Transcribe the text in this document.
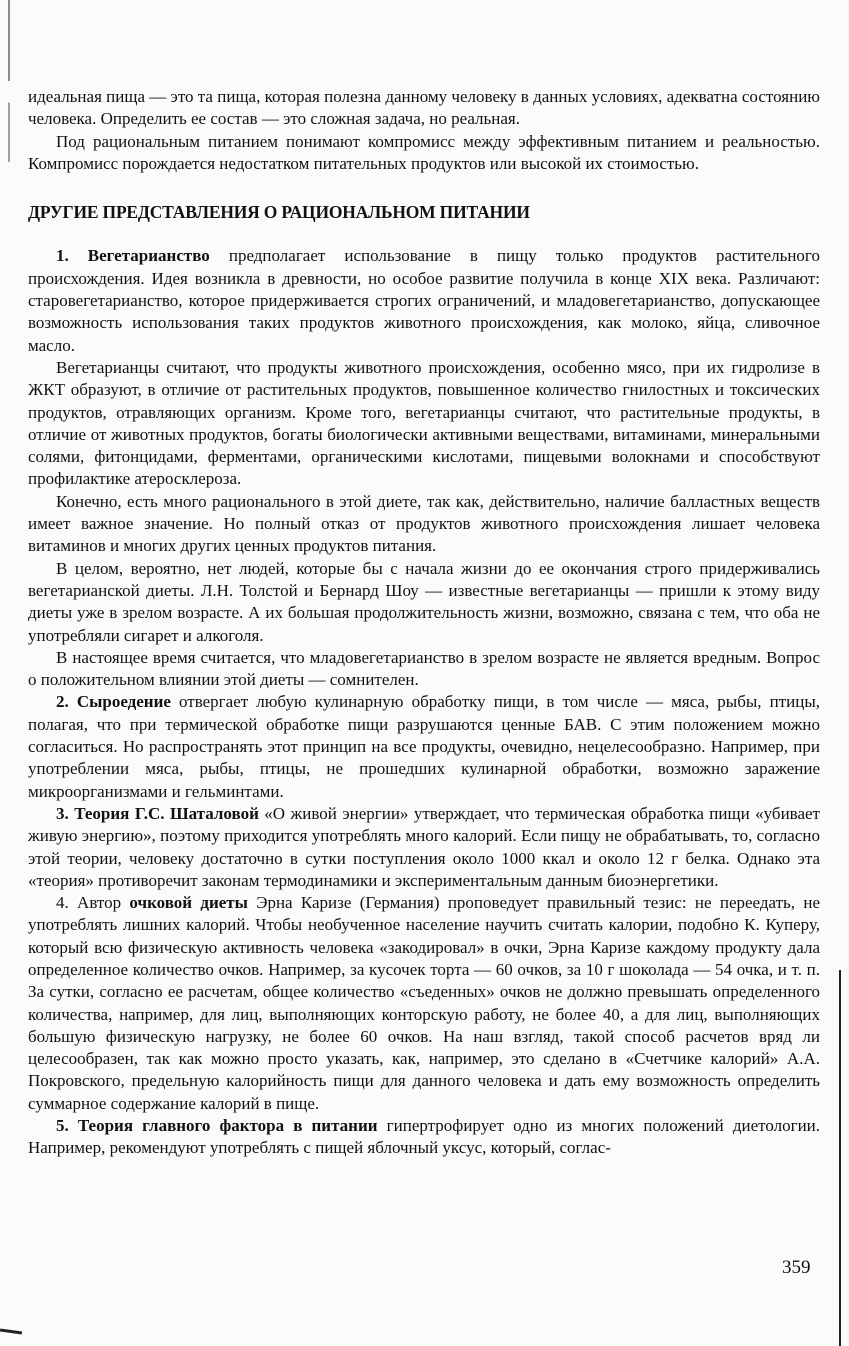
идеальная пища — это та пища, которая полезна данному человеку в данных условиях, адекватна состоянию человека. Определить ее состав — это сложная задача, но реальная.

Под рациональным питанием понимают компромисс между эффективным питанием и реальностью. Компромисс порождается недостатком питательных продуктов или высокой их стоимостью.

ДРУГИЕ ПРЕДСТАВЛЕНИЯ О РАЦИОНАЛЬНОМ ПИТАНИИ

1. Вегетарианство предполагает использование в пищу только продуктов растительного происхождения. Идея возникла в древности, но особое развитие получила в конце XIX века. Различают: старовегетарианство, которое придерживается строгих ограничений, и младовегетарианство, допускающее возможность использования таких продуктов животного происхождения, как молоко, яйца, сливочное масло.

Вегетарианцы считают, что продукты животного происхождения, особенно мясо, при их гидролизе в ЖКТ образуют, в отличие от растительных продуктов, повышенное количество гнилостных и токсических продуктов, отравляющих организм. Кроме того, вегетарианцы считают, что растительные продукты, в отличие от животных продуктов, богаты биологически активными веществами, витаминами, минеральными солями, фитонцидами, ферментами, органическими кислотами, пищевыми волокнами и способствуют профилактике атеросклероза.

Конечно, есть много рационального в этой диете, так как, действительно, наличие балластных веществ имеет важное значение. Но полный отказ от продуктов животного происхождения лишает человека витаминов и многих других ценных продуктов питания.

В целом, вероятно, нет людей, которые бы с начала жизни до ее окончания строго придерживались вегетарианской диеты. Л.Н. Толстой и Бернард Шоу — известные вегетарианцы — пришли к этому виду диеты уже в зрелом возрасте. А их большая продолжительность жизни, возможно, связана с тем, что оба не употребляли сигарет и алкоголя.

В настоящее время считается, что младовегетарианство в зрелом возрасте не является вредным. Вопрос о положительном влиянии этой диеты — сомнителен.

2. Сыроедение отвергает любую кулинарную обработку пищи, в том числе — мяса, рыбы, птицы, полагая, что при термической обработке пищи разрушаются ценные БАВ. С этим положением можно согласиться. Но распространять этот принцип на все продукты, очевидно, нецелесообразно. Например, при употреблении мяса, рыбы, птицы, не прошедших кулинарной обработки, возможно заражение микроорганизмами и гельминтами.

3. Теория Г.С. Шаталовой «О живой энергии» утверждает, что термическая обработка пищи «убивает живую энергию», поэтому приходится употреблять много калорий. Если пищу не обрабатывать, то, согласно этой теории, человеку достаточно в сутки поступления около 1000 ккал и около 12 г белка. Однако эта «теория» противоречит законам термодинамики и экспериментальным данным биоэнергетики.

4. Автор очковой диеты Эрна Каризе (Германия) проповедует правильный тезис: не переедать, не употреблять лишних калорий. Чтобы необученное население научить считать калории, подобно К. Куперу, который всю физическую активность человека «закодировал» в очки, Эрна Каризе каждому продукту дала определенное количество очков. Например, за кусочек торта — 60 очков, за 10 г шоколада — 54 очка, и т. п. За сутки, согласно ее расчетам, общее количество «съеденных» очков не должно превышать определенного количества, например, для лиц, выполняющих конторскую работу, не более 40, а для лиц, выполняющих большую физическую нагрузку, не более 60 очков. На наш взгляд, такой способ расчетов вряд ли целесообразен, так как можно просто указать, как, например, это сделано в «Счетчике калорий» А.А. Покровского, предельную калорийность пищи для данного человека и дать ему возможность определить суммарное содержание калорий в пище.

5. Теория главного фактора в питании гипертрофирует одно из многих положений диетологии. Например, рекомендуют употреблять с пищей яблочный уксус, который, соглас-

359
